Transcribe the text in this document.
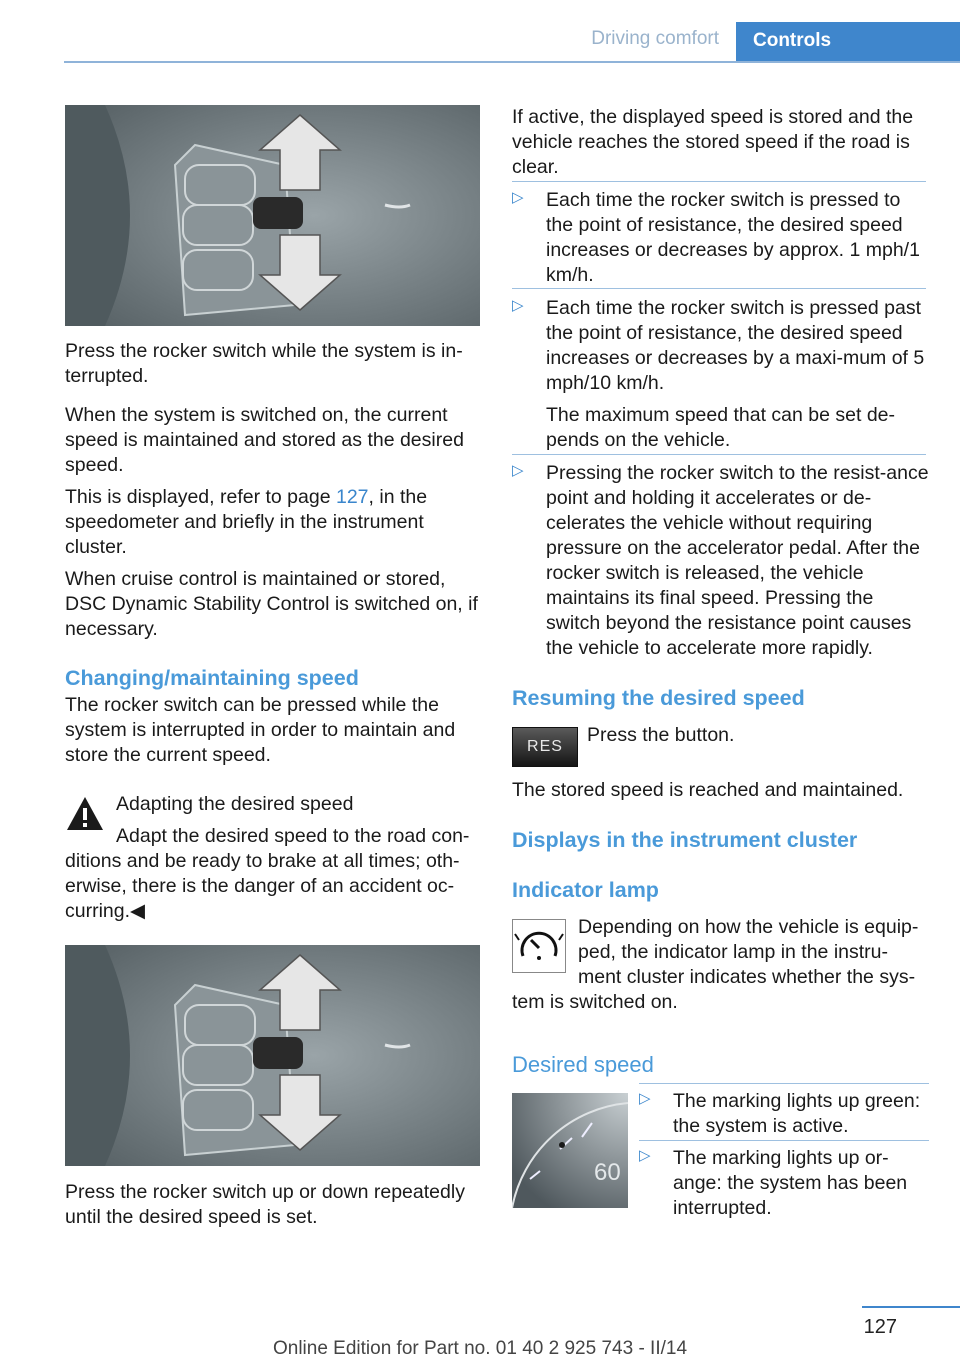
Driving comfort	Controls

Press the rocker switch while the system is in‐terrupted.

When the system is switched on, the current speed is maintained and stored as the desired speed.

This is displayed, refer to page 127, in the speedometer and briefly in the instrument cluster.

When cruise control is maintained or stored, DSC Dynamic Stability Control is switched on, if necessary.

Changing/maintaining speed

The rocker switch can be pressed while the system is interrupted in order to maintain and store the current speed.

Adapting the desired speed

Adapt the desired speed to the road con‐

ditions and be ready to brake at all times; oth‐erwise, there is the danger of an accident oc‐curring.◀
Press the rocker switch up or down repeatedly until the desired speed is set.
If active, the displayed speed is stored and the vehicle reaches the stored speed if the road is clear.
▷ Each time the rocker switch is pressed to the point of resistance, the desired speed increases or decreases by approx. 1 mph/1 km/h.
▷ Each time the rocker switch is pressed past the point of resistance, the desired speed increases or decreases by a maxi‐mum of 5 mph/10 km/h.

The maximum speed that can be set de‐pends on the vehicle.

▷ Pressing the rocker switch to the resist‐ance point and holding it accelerates or de‐celerates the vehicle without requiring pressure on the accelerator pedal. After the rocker switch is released, the vehicle maintains its final speed. Pressing the switch beyond the resistance point causes the vehicle to accelerate more rapidly.
Resuming the desired speed
RES
Press the button.
The stored speed is reached and maintained.
Displays in the instrument cluster
Indicator lamp
Depending on how the vehicle is equip‐ped, the indicator lamp in the instru‐ment cluster indicates whether the sys‐
tem is switched on.
Desired speed
60
▷ The marking lights up green: the system is active.
▷ The marking lights up or‐ange: the system has been interrupted.
127
Online Edition for Part no. 01 40 2 925 743 - II/14
